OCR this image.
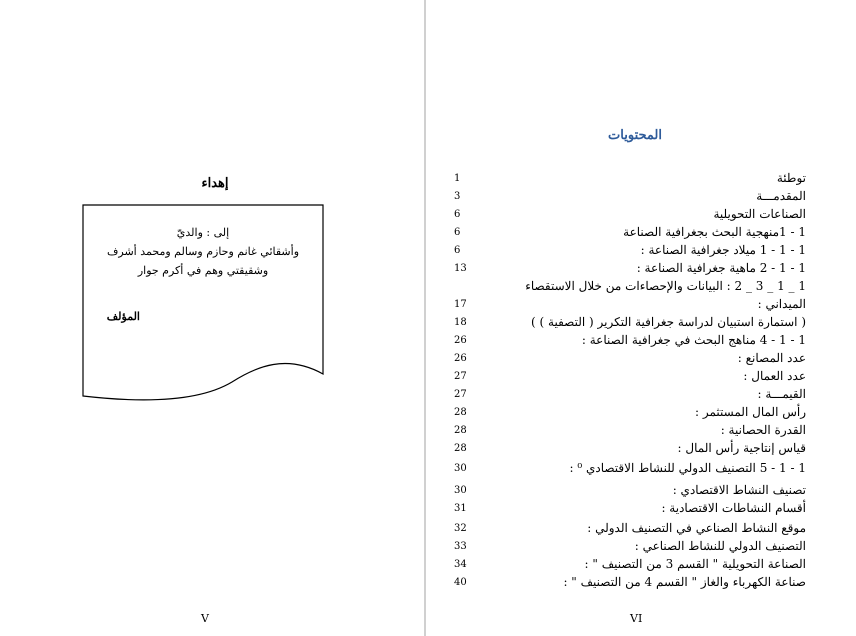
إهداء
إلى : والديّ
وأشقائي غانم وحازم وسالم ومحمد أشرف
وشقيقتي وهم في أكرم جوار
المؤلف
V
المحتويات
1	توطئة
3	المقدمـــة
6	الصناعات التحويلية
6	1 - 1منهجية البحث بجغرافية الصناعة
6	1 - 1 - 1 ميلاد جغرافية الصناعة :
13	1 - 1 - 2 ماهية جغرافية الصناعة :
1 _ 1 _ 3 _ 2 : البيانات والإحصاءات من خلال الاستقصاء
17	الميداني :
18	( استمارة استبيان لدراسة جغرافية التكرير ( التصفية ) )
26	1 - 1 - 4 مناهج البحث في جغرافية الصناعة :
26	عدد المصانع :
27	عدد العمال :
27	القيمـــة :
28	رأس المال المستثمر :
28	القدرة الحصانية :
28	قياس إنتاجية رأس المال :
30	1 - 1 - 5 التصنيف الدولي للنشاط الاقتصادي ⁰ :
30	تصنيف النشاط الاقتصادي :
31	أقسام النشاطات الاقتصادية :
32	موقع النشاط الصناعي في التصنيف الدولي :
33	التصنيف الدولي للنشاط الصناعي :
34	الصناعة التحويلية " القسم 3 من التصنيف " :
40	صناعة الكهرباء والغاز " القسم 4 من التصنيف " :
VI
